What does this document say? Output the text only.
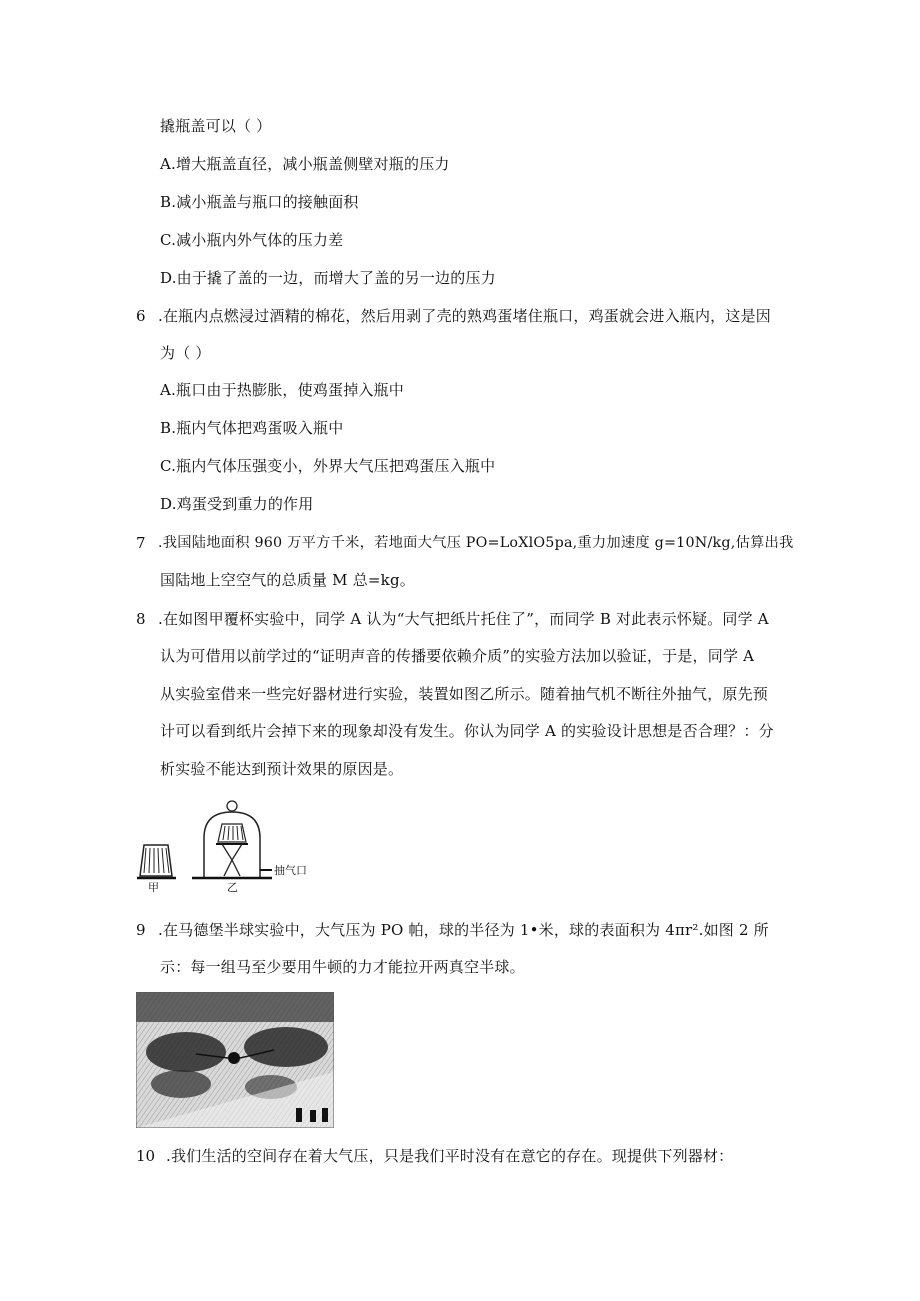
撬瓶盖可以（ ）
A.增大瓶盖直径，减小瓶盖侧壁对瓶的压力
B.减小瓶盖与瓶口的接触面积
C.减小瓶内外气体的压力差
D.由于撬了盖的一边，而增大了盖的另一边的压力
6 .在瓶内点燃浸过酒精的棉花，然后用剥了壳的熟鸡蛋堵住瓶口，鸡蛋就会进入瓶内，这是因
为（ ）
A.瓶口由于热膨胀，使鸡蛋掉入瓶中
B.瓶内气体把鸡蛋吸入瓶中
C.瓶内气体压强变小，外界大气压把鸡蛋压入瓶中
D.鸡蛋受到重力的作用
7 .我国陆地面积 960 万平方千米，若地面大气压 PO=LoXlO5pa,重力加速度 g=10N/kg,估算出我
国陆地上空空气的总质量 M 总=kg。
8 .在如图甲覆杯实验中，同学 A 认为“大气把纸片托住了”，而同学 B 对此表示怀疑。同学 A
认为可借用以前学过的“证明声音的传播要依赖介质”的实验方法加以验证，于是，同学 A
从实验室借来一些完好器材进行实验，装置如图乙所示。随着抽气机不断往外抽气，原先预
计可以看到纸片会掉下来的现象却没有发生。你认为同学 A 的实验设计思想是否合理？：分
析实验不能达到预计效果的原因是。
甲	乙
抽气口
9 .在马德堡半球实验中，大气压为 PO 帕，球的半径为 1•米，球的表面积为 4πr².如图 2 所
示：每一组马至少要用牛顿的力才能拉开两真空半球。
10 .我们生活的空间存在着大气压，只是我们平时没有在意它的存在。现提供下列器材：
